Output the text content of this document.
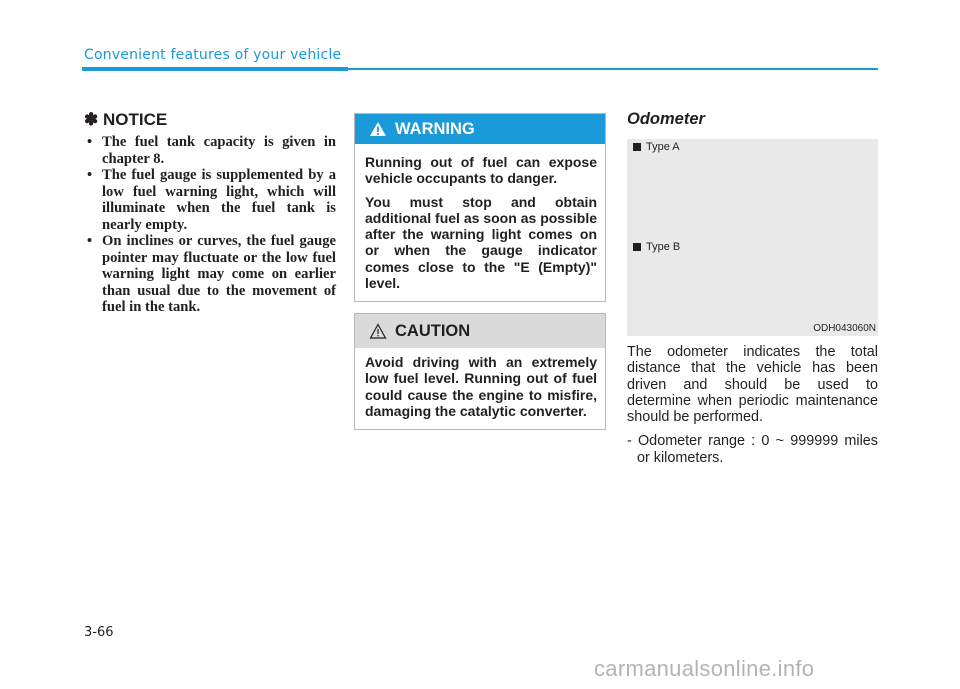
Convenient features of your vehicle
✽ NOTICE
• The fuel tank capacity is given in chapter 8.
• The fuel gauge is supplemented by a low fuel warning light, which will illuminate when the fuel tank is nearly empty.
• On inclines or curves, the fuel gauge pointer may fluctuate or the low fuel warning light may come on earlier than usual due to the movement of fuel in the tank.
WARNING

Running out of fuel can expose vehicle occupants to danger.

You must stop and obtain additional fuel as soon as possible after the warning light comes on or when the gauge indicator comes close to the "E (Empty)" level.

CAUTION

Avoid driving with an extremely low fuel level. Running out of fuel could cause the engine to misfire, damaging the catalytic converter.

Odometer
Type A
Type B
ODH043060N

The odometer indicates the total distance that the vehicle has been driven and should be used to determine when periodic maintenance should be performed.

- Odometer range : 0 ~ 999999 miles or kilometers.

3-66
carmanualsonline.info
